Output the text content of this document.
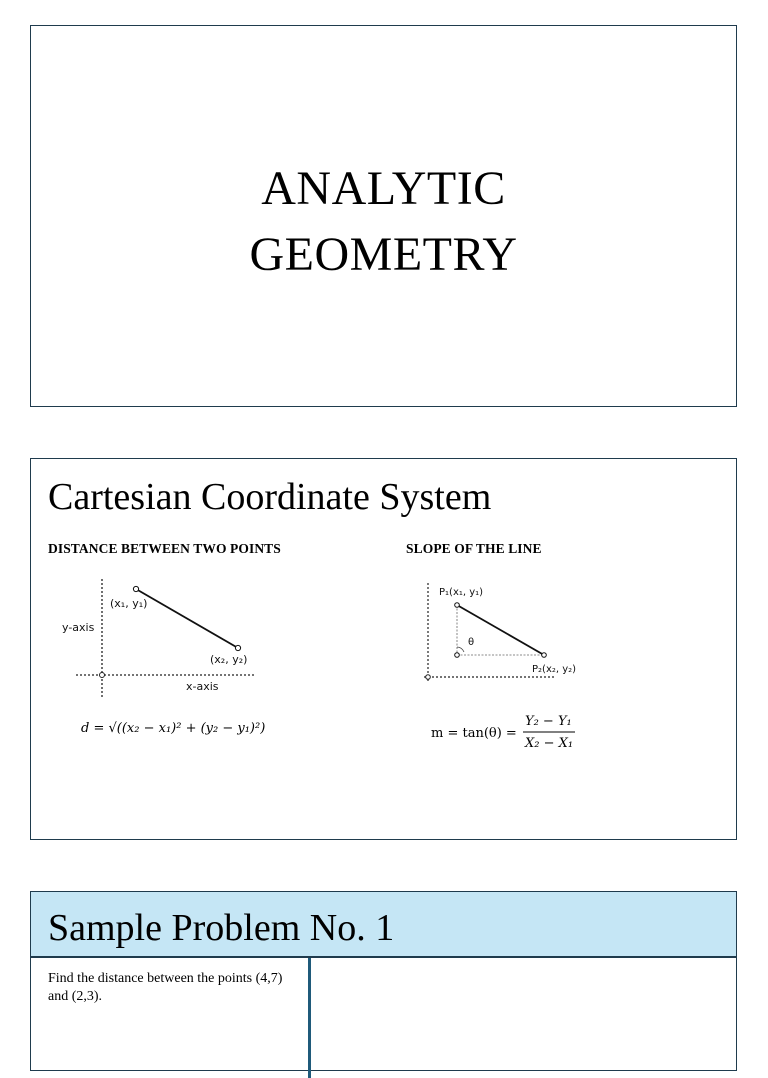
ANALYTIC
GEOMETRY
Cartesian Coordinate System
DISTANCE BETWEEN TWO POINTS	SLOPE OF THE LINE
(x₁, y₁)
(x₂, y₂)
y-axis
x-axis
P₁(x₁, y₁)
θ
P₂(x₂, y₂)
d = √((x₂ − x₁)² + (y₂ − y₁)²)	m = tan(θ) =
Y₂ − Y₁
X₂ − X₁
Sample Problem No. 1
Find the distance between the points (4,7) and (2,3).
